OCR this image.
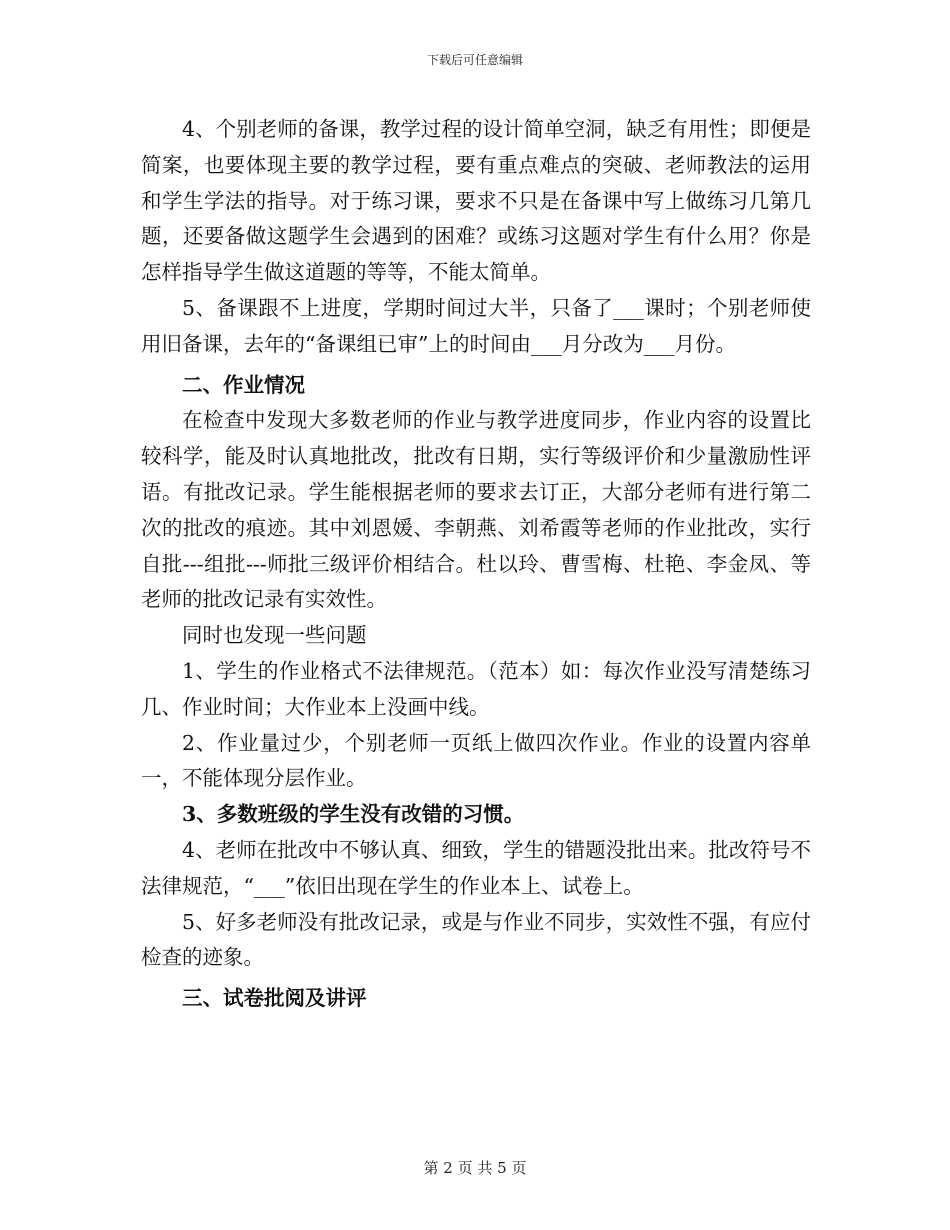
下载后可任意编辑

4、个别老师的备课，教学过程的设计简单空洞，缺乏有用性；即便是简案，也要体现主要的教学过程，要有重点难点的突破、老师教法的运用和学生学法的指导。对于练习课，要求不只是在备课中写上做练习几第几题，还要备做这题学生会遇到的困难？或练习这题对学生有什么用？你是怎样指导学生做这道题的等等，不能太简单。

5、备课跟不上进度，学期时间过大半，只备了___课时；个别老师使用旧备课，去年的“备课组已审”上的时间由___月分改为___月份。

二、作业情况

在检查中发现大多数老师的作业与教学进度同步，作业内容的设置比较科学，能及时认真地批改，批改有日期，实行等级评价和少量激励性评语。有批改记录。学生能根据老师的要求去订正，大部分老师有进行第二次的批改的痕迹。其中刘恩媛、李朝燕、刘希霞等老师的作业批改，实行自批---组批---师批三级评价相结合。杜以玲、曹雪梅、杜艳、李金凤、等老师的批改记录有实效性。

同时也发现一些问题

1、学生的作业格式不法律规范。（范本）如：每次作业没写清楚练习几、作业时间；大作业本上没画中线。

2、作业量过少，个别老师一页纸上做四次作业。作业的设置内容单一，不能体现分层作业。

3、多数班级的学生没有改错的习惯。

4、老师在批改中不够认真、细致，学生的错题没批出来。批改符号不法律规范，“___”依旧出现在学生的作业本上、试卷上。

5、好多老师没有批改记录，或是与作业不同步，实效性不强，有应付检查的迹象。

三、试卷批阅及讲评

第 2 页 共 5 页
